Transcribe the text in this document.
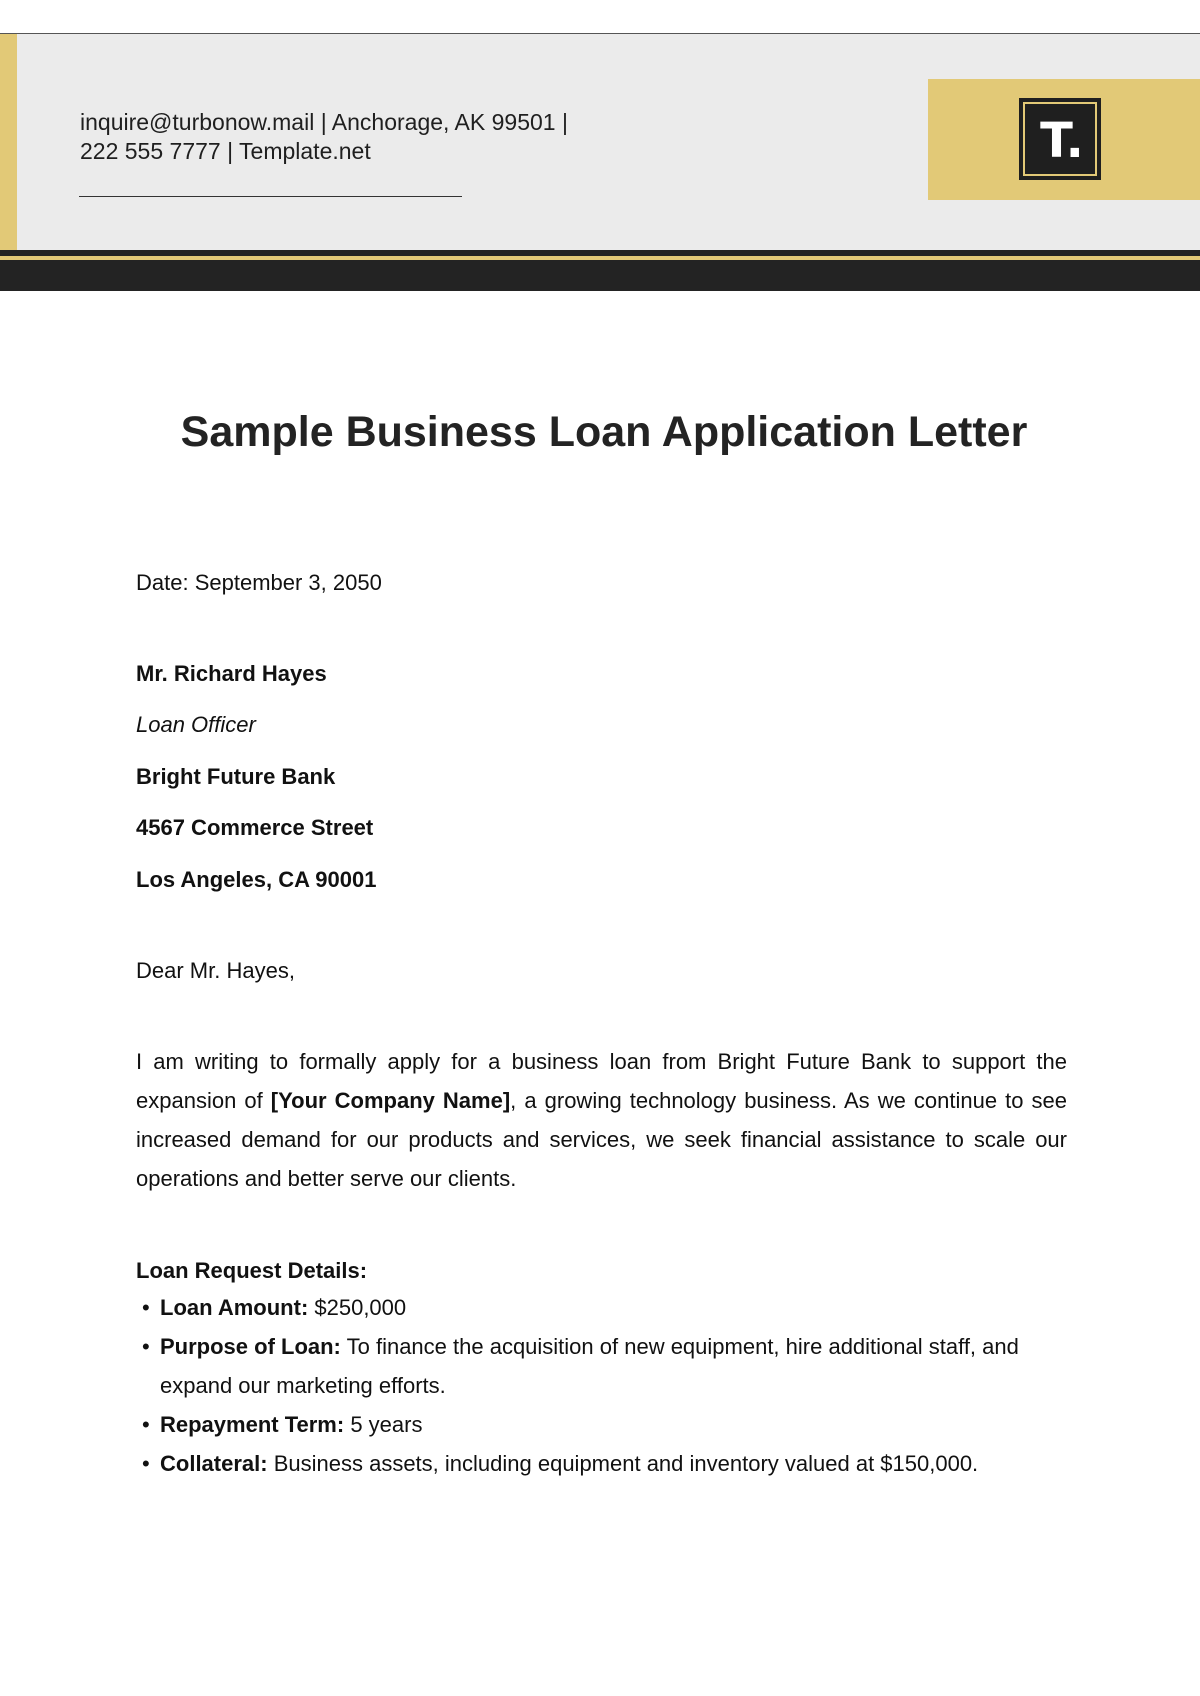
inquire@turbonow.mail | Anchorage, AK 99501 |
222 555 7777 | Template.net	T.
Sample Business Loan Application Letter
Date: September 3, 2050
Mr. Richard Hayes
Loan Officer
Bright Future Bank
4567 Commerce Street
Los Angeles, CA 90001
Dear Mr. Hayes,

I am writing to formally apply for a business loan from Bright Future Bank to support the expansion of [Your Company Name], a growing technology business. As we continue to see increased demand for our products and services, we seek financial assistance to scale our operations and better serve our clients.

Loan Request Details:
• Loan Amount: $250,000
• Purpose of Loan: To finance the acquisition of new equipment, hire additional staff, and expand our marketing efforts.
• Repayment Term: 5 years
• Collateral: Business assets, including equipment and inventory valued at $150,000.
